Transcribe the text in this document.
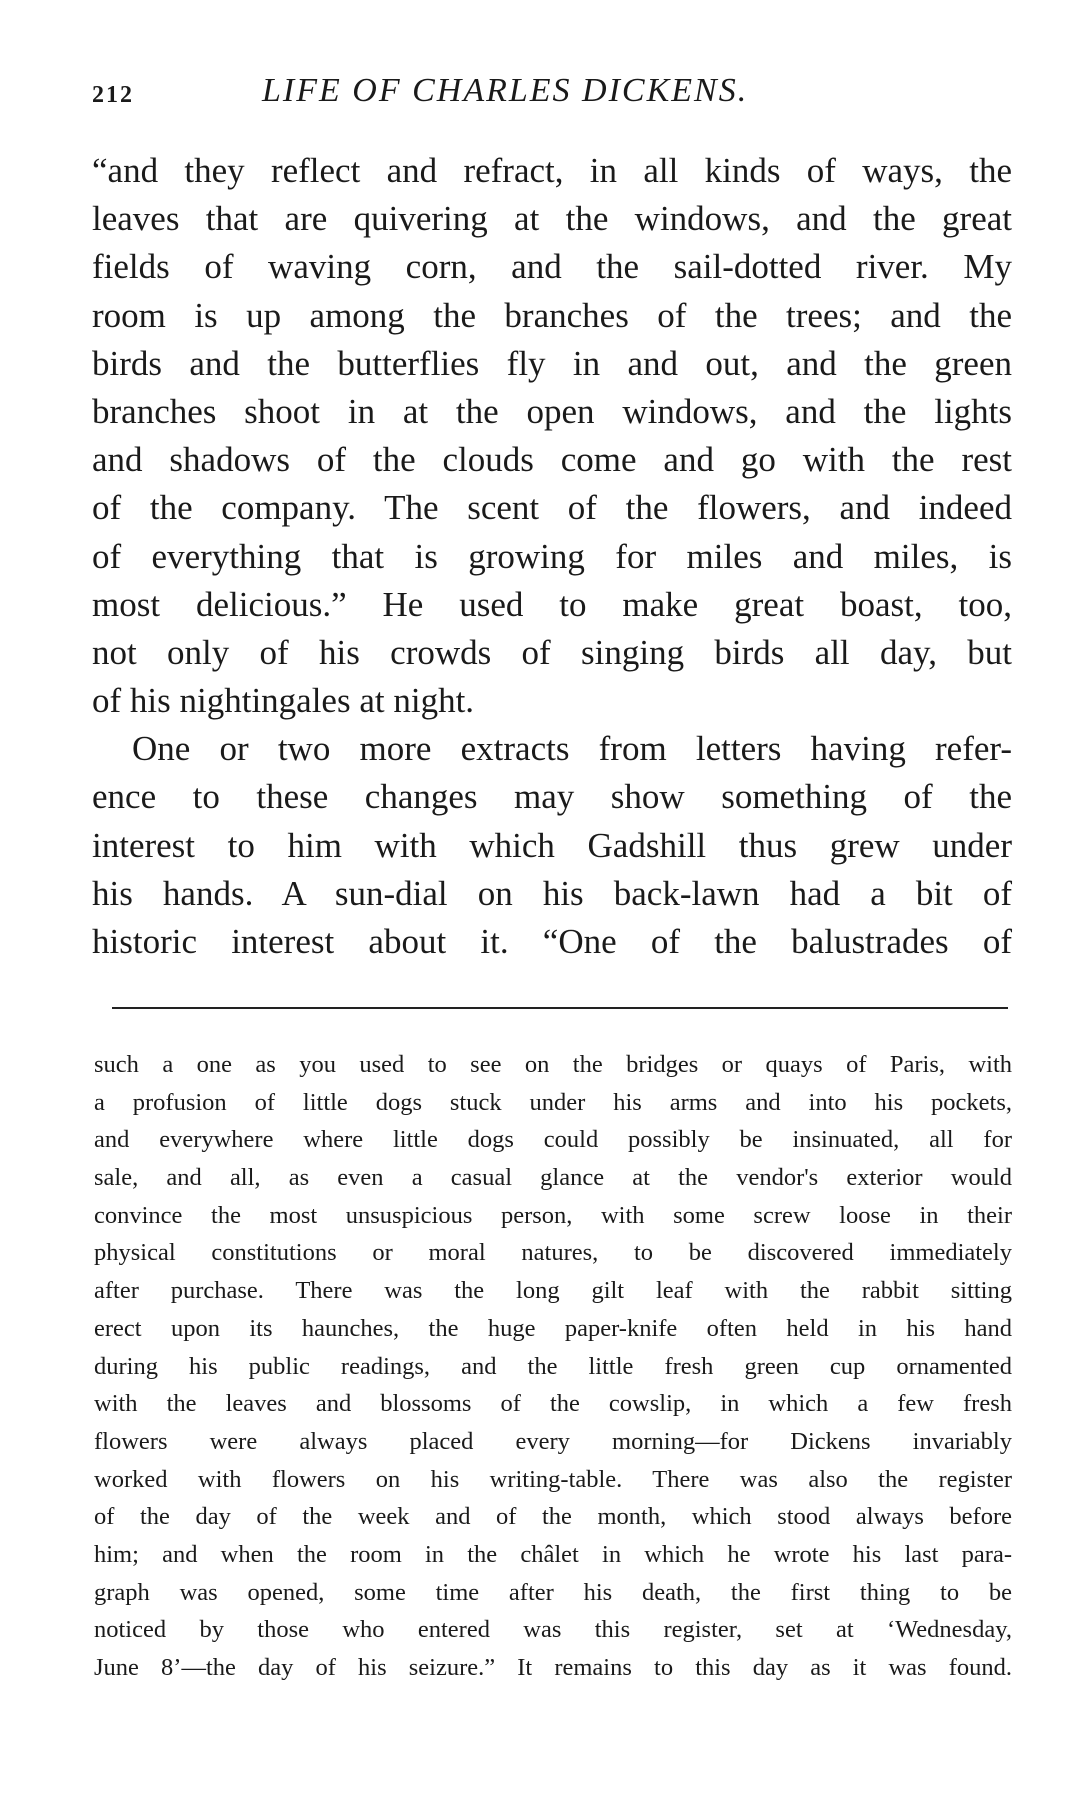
212	LIFE OF CHARLES DICKENS.
“and they reflect and refract, in all kinds of ways, the
leaves that are quivering at the windows, and the great
fields of waving corn, and the sail-dotted river. My
room is up among the branches of the trees; and the
birds and the butterflies fly in and out, and the green
branches shoot in at the open windows, and the lights
and shadows of the clouds come and go with the rest
of the company. The scent of the flowers, and indeed
of everything that is growing for miles and miles, is
most delicious.” He used to make great boast, too,
not only of his crowds of singing birds all day, but
of his nightingales at night.
One or two more extracts from letters having refer-
ence to these changes may show something of the
interest to him with which Gadshill thus grew under
his hands. A sun-dial on his back-lawn had a bit of
historic interest about it. “One of the balustrades of
such a one as you used to see on the bridges or quays of Paris, with
a profusion of little dogs stuck under his arms and into his pockets,
and everywhere where little dogs could possibly be insinuated, all for
sale, and all, as even a casual glance at the vendor's exterior would
convince the most unsuspicious person, with some screw loose in their
physical constitutions or moral natures, to be discovered immediately
after purchase. There was the long gilt leaf with the rabbit sitting
erect upon its haunches, the huge paper-knife often held in his hand
during his public readings, and the little fresh green cup ornamented
with the leaves and blossoms of the cowslip, in which a few fresh
flowers were always placed every morning—for Dickens invariably
worked with flowers on his writing-table. There was also the register
of the day of the week and of the month, which stood always before
him; and when the room in the châlet in which he wrote his last para-
graph was opened, some time after his death, the first thing to be
noticed by those who entered was this register, set at ‘Wednesday,
June 8’—the day of his seizure.” It remains to this day as it was found.
